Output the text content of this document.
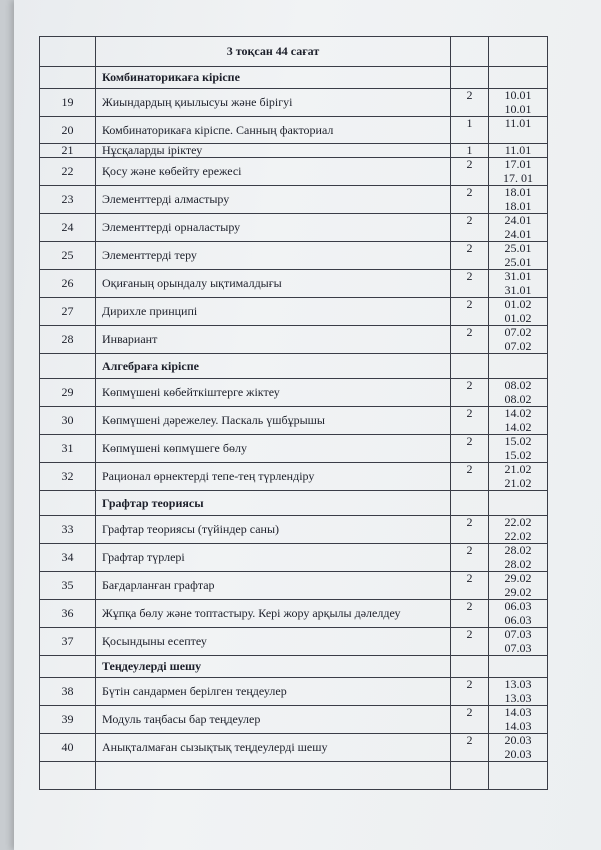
	3 тоқсан 44 сағат		
	Комбинаторикаға кіріспе		
19	Жиындардың қиылысуы және бірігуі	2	10.01
10.01

20	Комбинаторикаға кіріспе. Санның факториал	1	11.01

21	Нұсқаларды іріктеу	1	11.01

22	Қосу және көбейту ережесі	2	17.01
17. 01

23	Элементтерді алмастыру	2	18.01
18.01

24	Элементтерді орналастыру	2	24.01
24.01

25	Элементтерді теру	2	25.01
25.01

26	Оқиғаның орындалу ықтималдығы	2	31.01
31.01

27	Дирихле принципі	2	01.02
01.02

28	Инвариант	2	07.02
07.02

	Алгебраға кіріспе		
29	Көпмүшені көбейткіштерге жіктеу	2	08.02
08.02

30	Көпмүшені дәрежелеу. Паскаль үшбұрышы	2	14.02
14.02

31	Көпмүшені көпмүшеге бөлу	2	15.02
15.02

32	Рационал өрнектерді тепе-тең түрлендіру	2	21.02
21.02

	Графтар теориясы		
33	Графтар теориясы (түйіндер саны)	2	22.02
22.02

34	Графтар түрлері	2	28.02
28.02

35	Бағдарланған графтар	2	29.02
29.02

36	Жұпқа бөлу және топтастыру. Кері жору арқылы дәлелдеу	2	06.03
06.03

37	Қосындыны есептеу	2	07.03
07.03

	Теңдеулерді шешу		
38	Бүтін сандармен берілген теңдеулер	2	13.03
13.03

39	Модуль таңбасы бар теңдеулер	2	14.03
14.03

40	Анықталмаған сызықтық теңдеулерді шешу	2	20.03
20.03
